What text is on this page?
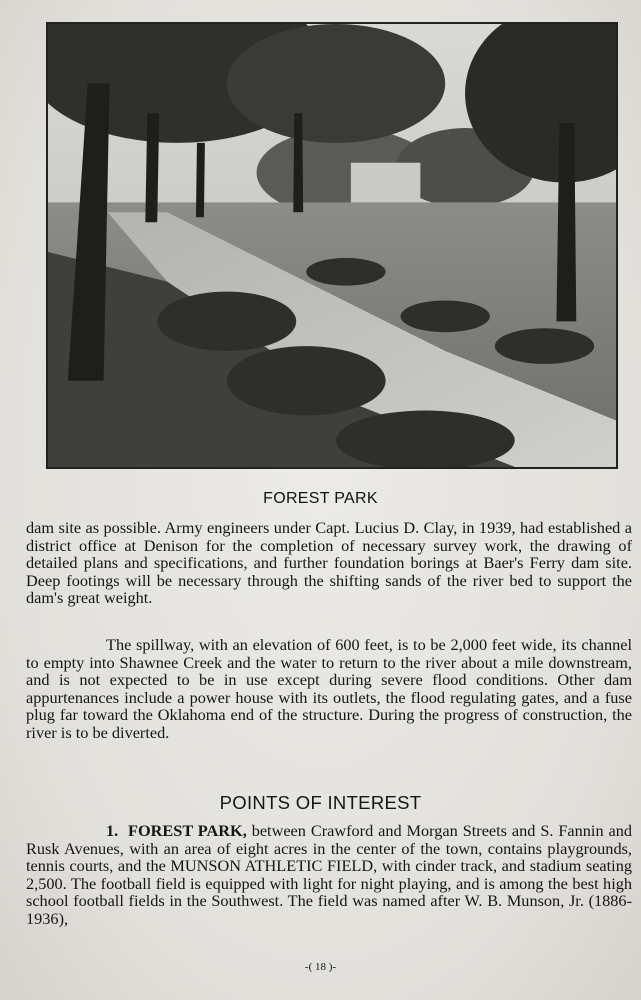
FOREST PARK

dam site as possible. Army engineers under Capt. Lucius D. Clay, in 1939, had established a district office at Denison for the completion of necessary survey work, the drawing of detailed plans and specifications, and further foundation borings at Baer's Ferry dam site. Deep footings will be necessary through the shifting sands of the river bed to support the dam's great weight.

The spillway, with an elevation of 600 feet, is to be 2,000 feet wide, its channel to empty into Shawnee Creek and the water to return to the river about a mile downstream, and is not expected to be in use except during severe flood conditions. Other dam appurtenances include a power house with its outlets, the flood regulating gates, and a fuse plug far toward the Oklahoma end of the structure. During the progress of construction, the river is to be diverted.

POINTS OF INTEREST

1. FOREST PARK, between Crawford and Morgan Streets and S. Fannin and Rusk Avenues, with an area of eight acres in the center of the town, contains playgrounds, tennis courts, and the MUNSON ATHLETIC FIELD, with cinder track, and stadium seating 2,500. The football field is equipped with light for night playing, and is among the best high school football fields in the Southwest. The field was named after W. B. Munson, Jr. (1886-1936),

-( 18 )-
